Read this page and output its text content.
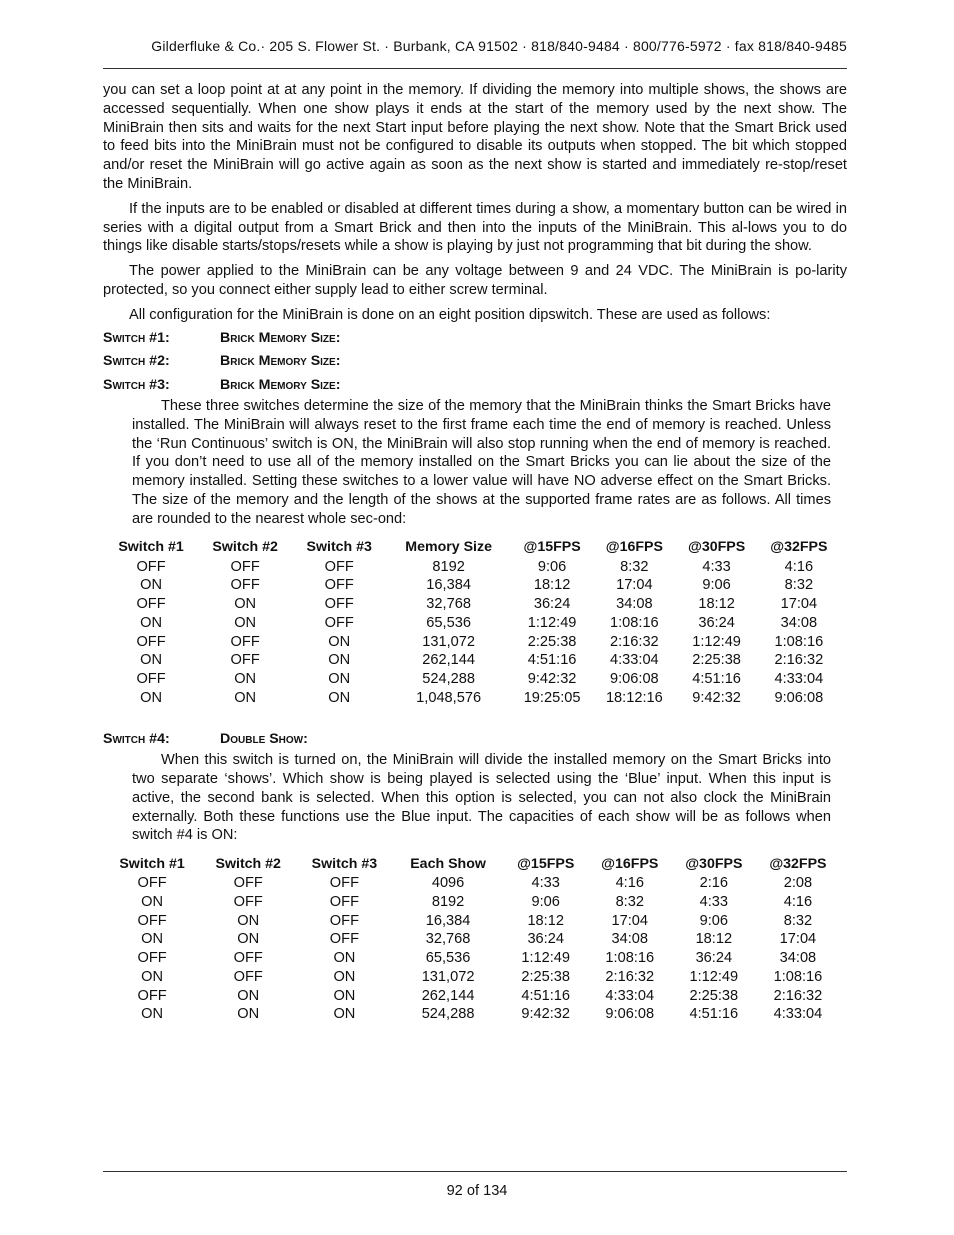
Gilderfluke & Co.· 205 S. Flower St. · Burbank, CA 91502 · 818/840-9484 · 800/776-5972 · fax 818/840-9485

you can set a loop point at at any point in the memory. If dividing the memory into multiple shows, the shows are accessed sequentially. When one show plays it ends at the start of the memory used by the next show. The MiniBrain then sits and waits for the next Start input before playing the next show. Note that the Smart Brick used to feed bits into the MiniBrain must not be configured to disable its outputs when stopped. The bit which stopped and/or reset the MiniBrain will go active again as soon as the next show is started and immediately re-stop/reset the MiniBrain.

If the inputs are to be enabled or disabled at different times during a show, a momentary button can be wired in series with a digital output from a Smart Brick and then into the inputs of the MiniBrain. This al-lows you to do things like disable starts/stops/resets while a show is playing by just not programming that bit during the show.

The power applied to the MiniBrain can be any voltage between 9 and 24 VDC. The MiniBrain is po-larity protected, so you connect either supply lead to either screw terminal.

All configuration for the MiniBrain is done on an eight position dipswitch. These are used as follows:

Switch #1:	Brick Memory Size:
Switch #2:	Brick Memory Size:
Switch #3:	Brick Memory Size:

These three switches determine the size of the memory that the MiniBrain thinks the Smart Bricks have installed. The MiniBrain will always reset to the first frame each time the end of memory is reached. Unless the ‘Run Continuous’ switch is ON, the MiniBrain will also stop running when the end of memory is reached. If you don’t need to use all of the memory installed on the Smart Bricks you can lie about the size of the memory installed. Setting these switches to a lower value will have NO adverse effect on the Smart Bricks. The size of the memory and the length of the shows at the supported frame rates are as follows. All times are rounded to the nearest whole sec-ond:

Switch #1	Switch #2	Switch #3	Memory Size	@15FPS	@16FPS	@30FPS	@32FPS
OFF	OFF	OFF	8192	9:06	8:32	4:33	4:16
ON	OFF	OFF	16,384	18:12	17:04	9:06	8:32
OFF	ON	OFF	32,768	36:24	34:08	18:12	17:04
ON	ON	OFF	65,536	1:12:49	1:08:16	36:24	34:08
OFF	OFF	ON	131,072	2:25:38	2:16:32	1:12:49	1:08:16
ON	OFF	ON	262,144	4:51:16	4:33:04	2:25:38	2:16:32
OFF	ON	ON	524,288	9:42:32	9:06:08	4:51:16	4:33:04
ON	ON	ON	1,048,576	19:25:05	18:12:16	9:42:32	9:06:08
Switch #4:	Double Show:

When this switch is turned on, the MiniBrain will divide the installed memory on the Smart Bricks into two separate ‘shows’. Which show is being played is selected using the ‘Blue’ input. When this input is active, the second bank is selected. When this option is selected, you can not also clock the MiniBrain externally. Both these functions use the Blue input. The capacities of each show will be as follows when switch #4 is ON:

Switch #1	Switch #2	Switch #3	Each Show	@15FPS	@16FPS	@30FPS	@32FPS
OFF	OFF	OFF	4096	4:33	4:16	2:16	2:08
ON	OFF	OFF	8192	9:06	8:32	4:33	4:16
OFF	ON	OFF	16,384	18:12	17:04	9:06	8:32
ON	ON	OFF	32,768	36:24	34:08	18:12	17:04
OFF	OFF	ON	65,536	1:12:49	1:08:16	36:24	34:08
ON	OFF	ON	131,072	2:25:38	2:16:32	1:12:49	1:08:16
OFF	ON	ON	262,144	4:51:16	4:33:04	2:25:38	2:16:32
ON	ON	ON	524,288	9:42:32	9:06:08	4:51:16	4:33:04
92 of 134
